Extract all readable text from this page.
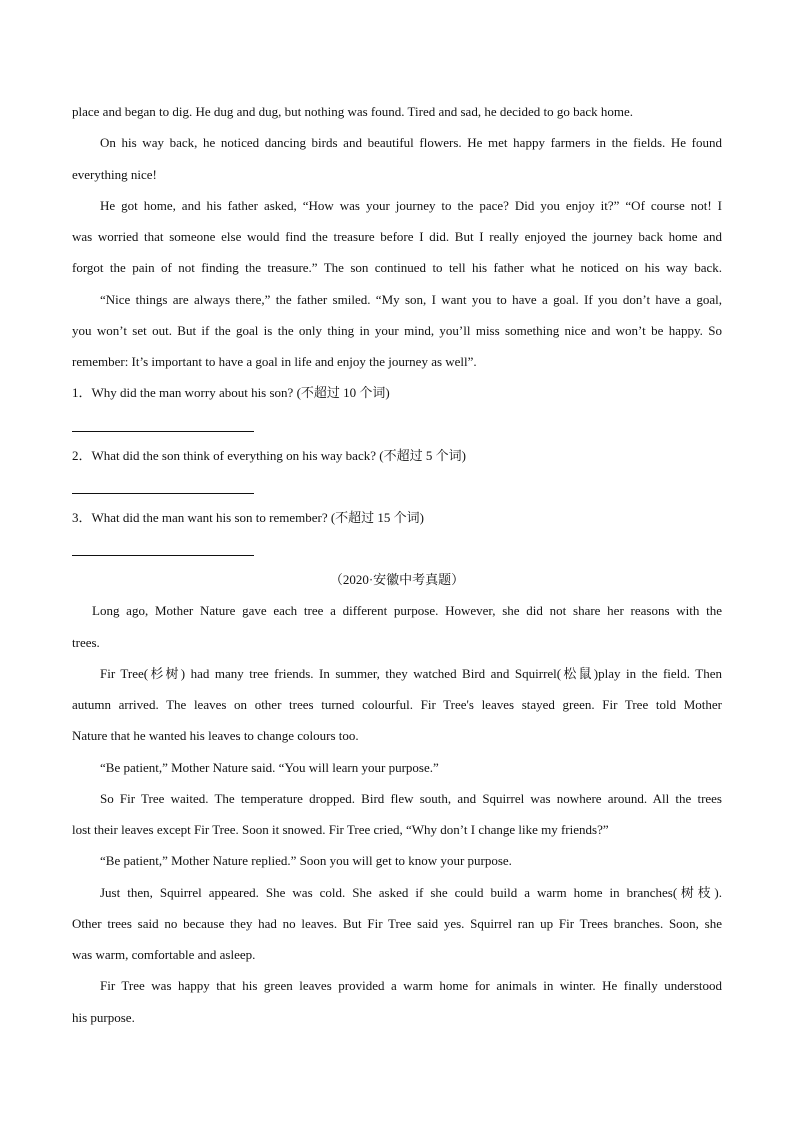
place and began to dig. He dug and dug, but nothing was found. Tired and sad, he decided to go back home.
On his way back, he noticed dancing birds and beautiful flowers. He met happy farmers in the fields. He found
everything nice!
He got home, and his father asked, “How was your journey to the pace? Did you enjoy it?” “Of course not! I
was worried that someone else would find the treasure before I did. But I really enjoyed the journey back home and
forgot the pain of not finding the treasure.” The son continued to tell his father what he noticed on his way back.
“Nice things are always there,” the father smiled. “My son, I want you to have a goal. If you don’t have a goal,
you won’t set out. But if the goal is the only thing in your mind, you’ll miss something nice and won’t be happy. So
remember: It’s important to have a goal in life and enjoy the journey as well”.
1．Why did the man worry about his son? (不超过 10 个词)
2．What did the son think of everything on his way back? (不超过 5 个词)
3．What did the man want his son to remember? (不超过 15 个词)
（2020·安徽中考真题）
Long ago, Mother Nature gave each tree a different purpose. However, she did not share her reasons with the
trees.
Fir Tree(杉树) had many tree friends. In summer, they watched Bird and Squirrel(松鼠)play in the field. Then
autumn arrived. The leaves on other trees turned colourful. Fir Tree's leaves stayed green. Fir Tree told Mother
Nature that he wanted his leaves to change colours too.
“Be patient,” Mother Nature said. “You will learn your purpose.”
So Fir Tree waited. The temperature dropped. Bird flew south, and Squirrel was nowhere around. All the trees
lost their leaves except Fir Tree. Soon it snowed. Fir Tree cried, “Why don’t I change like my friends?”
“Be patient,” Mother Nature replied.” Soon you will get to know your purpose.
Just then, Squirrel appeared. She was cold. She asked if she could build a warm home in branches(树枝).
Other trees said no because they had no leaves. But Fir Tree said yes. Squirrel ran up Fir Trees branches. Soon, she
was warm, comfortable and asleep.
Fir Tree was happy that his green leaves provided a warm home for animals in winter. He finally understood
his purpose.
